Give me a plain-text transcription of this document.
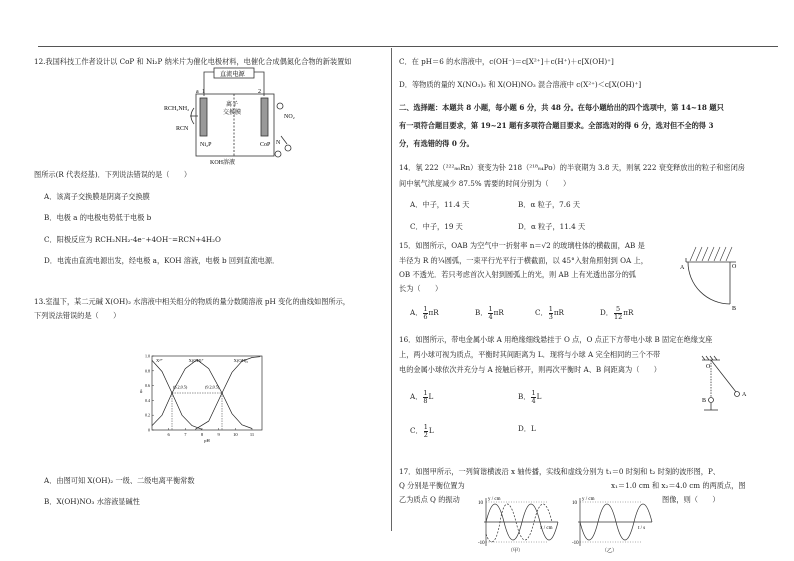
12.我国科技工作者设计以 CoP 和 Ni₂P 纳米片为催化电极材料，电催化合成偶氮化合物的新装置如
直流电源
离子
交换膜
RCH₂NH₂
RCN
Ni₂P	CoP
NO₂
KOH溶液
a	2
1
N
图所示(R 代表烃基)．下列说法错误的是（　　）
A．该离子交换膜是阴离子交换膜
B．电极 a 的电极电势低于电极 b
C．阳极反应为 RCH₂NH₂-4e⁻+4OH⁻=RCN+4H₂O
D．电流由直流电源出发，经电极 a，KOH 溶液，电极 b 回到直流电源．
13.室温下，某二元碱 X(OH)₂ 水溶液中相关组分的物质的量分数随溶液 pH 变化的曲线如图所示，
下列说法错误的是（　　）
0
0.2
0.4
0.6
0.8
1.0
6	7	8	9	10	11
X²⁺	X(OH)⁺	X(OH)₂
(6.2,0.5)	(9.2,0.5)
pH
δ
A．由图可知 X(OH)₂ 一级、二级电离平衡常数
B．X(OH)NO₃ 水溶液显碱性
C．在 pH＝6 的水溶液中，c(OH⁻)＝c[X²⁺]＋c(H⁺)＋c[X(OH)⁺]
D．等物质的量的 X(NO₃)₂ 和 X(OH)NO₃ 混合溶液中 c(X²⁺)＜c[X(OH)⁺]
二、选择题：本题共 8 小题，每小题 6 分，共 48 分。在每小题给出的四个选项中，第 14~18 题只
有一项符合题目要求，第 19~21 题有多项符合题目要求。全部选对的得 6 分，选对但不全的得 3
分，有选错的得 0 分。
14．氡 222（²²²₈₆Rn）衰变为钋 218（²¹⁸₈₄Po）的半衰期为 3.8 天，则氡 222 衰变释放出的粒子和密闭房
间中氡气浓度减少 87.5% 需要的时间分别为（　　）
A．中子，11.4 天	B．α 粒子，7.6 天
C．中子，19 天	D．α 粒子，11.4 天
15．如图所示，OAB 为空气中一折射率 n＝√2 的玻璃柱体的横截面，AB 是
半径为 R 的¼圆弧，一束平行光平行于横截面，以 45°入射角照射到 OA 上，
OB 不透光．若只考虑首次入射到圆弧上的光，则 AB 上有光透出部分的弧
长为（　　）
A． $\frac{1}{6}$ πR	B． $\frac{1}{4}$ πR	C． $\frac{1}{3}$ πR	D． $\frac{5}{12}$ πR
A	O
B
16．如图所示，带电金属小球 A 用绝缘细线悬挂于 O 点，O 点正下方带电小球 B 固定在绝缘支座
上，两小球可视为质点，平衡时其间距离为 L．现将与小球 A 完全相同的三个不带
电的金属小球依次并充分与 A 接触后移开，则再次平衡时 A、B 间距离为（　　）
A． $\frac{1}{8}$ L	B． $\frac{1}{4}$ L
C． $\frac{1}{2}$ L	D．L
O
A
B
17．如图甲所示，一列简谐横波沿 x 轴传播，实线和虚线分别为 t₁＝0 时刻和 t₂ 时刻的波形图，P、
Q 分别是平衡位置为	x₁＝1.0 cm 和 x₂＝4.0 cm 的两质点，图
乙为质点 Q 的振动	图像，则（　　）
y / cm
x / cm
10
-10
（甲）
y / cm
t / s
10
-10
（乙）
